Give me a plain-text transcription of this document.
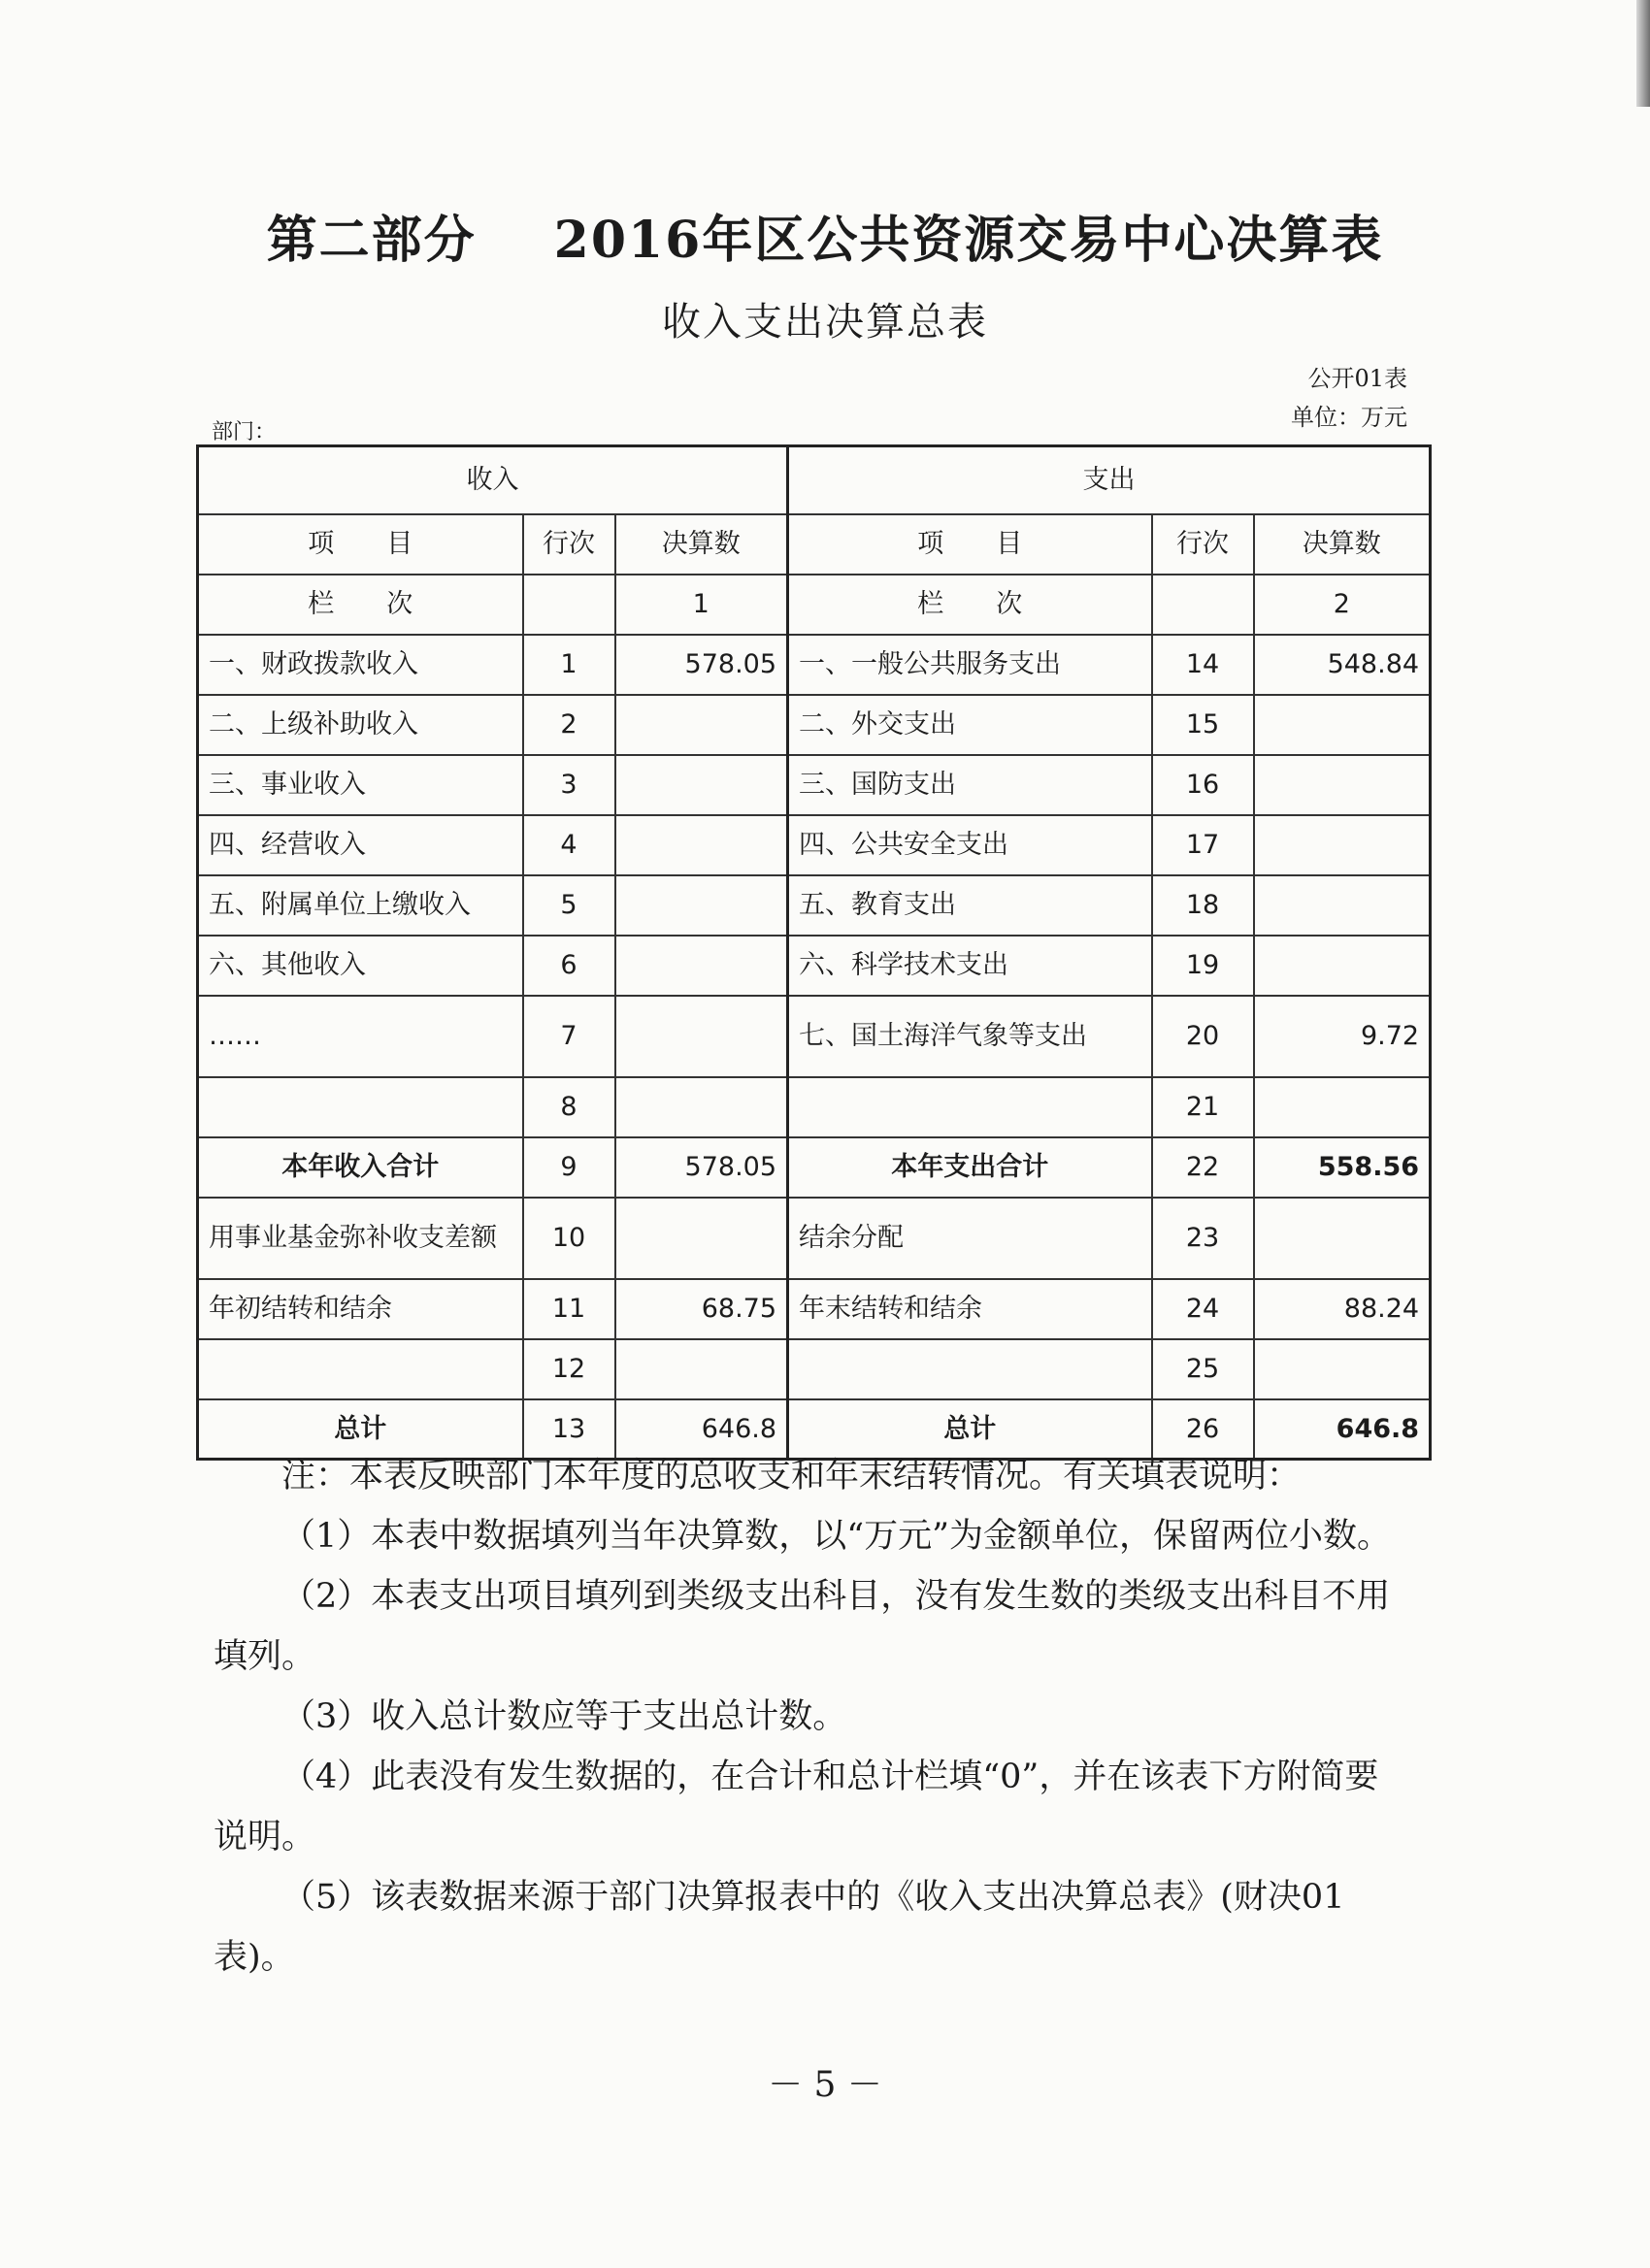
第二部分 2016年区公共资源交易中心决算表
收入支出决算总表
公开01表
单位：万元
部门：
收入			支出		
项　　目	行次	决算数	项　　目	行次	决算数
栏　　次		1	栏　　次		2
一、财政拨款收入	1	578.05	一、一般公共服务支出	14	548.84
二、上级补助收入	2		二、外交支出	15	
三、事业收入	3		三、国防支出	16	
四、经营收入	4		四、公共安全支出	17	
五、附属单位上缴收入	5		五、教育支出	18	
六、其他收入	6		六、科学技术支出	19	
……	7		七、国土海洋气象等支出	20	9.72
	8			21	
本年收入合计	9	578.05	本年支出合计	22	558.56
用事业基金弥补收支差额	10		结余分配	23	
年初结转和结余	11	68.75	年末结转和结余	24	88.24
	12			25	
总计	13	646.8	总计	26	646.8

注：本表反映部门本年度的总收支和年末结转情况。有关填表说明：

（1）本表中数据填列当年决算数，以“万元”为金额单位，保留两位小数。

（2）本表支出项目填列到类级支出科目，没有发生数的类级支出科目不用填列。

（3）收入总计数应等于支出总计数。

（4）此表没有发生数据的，在合计和总计栏填“0”，并在该表下方附简要说明。

（5）该表数据来源于部门决算报表中的《收入支出决算总表》(财决01表)。

－ 5 －
